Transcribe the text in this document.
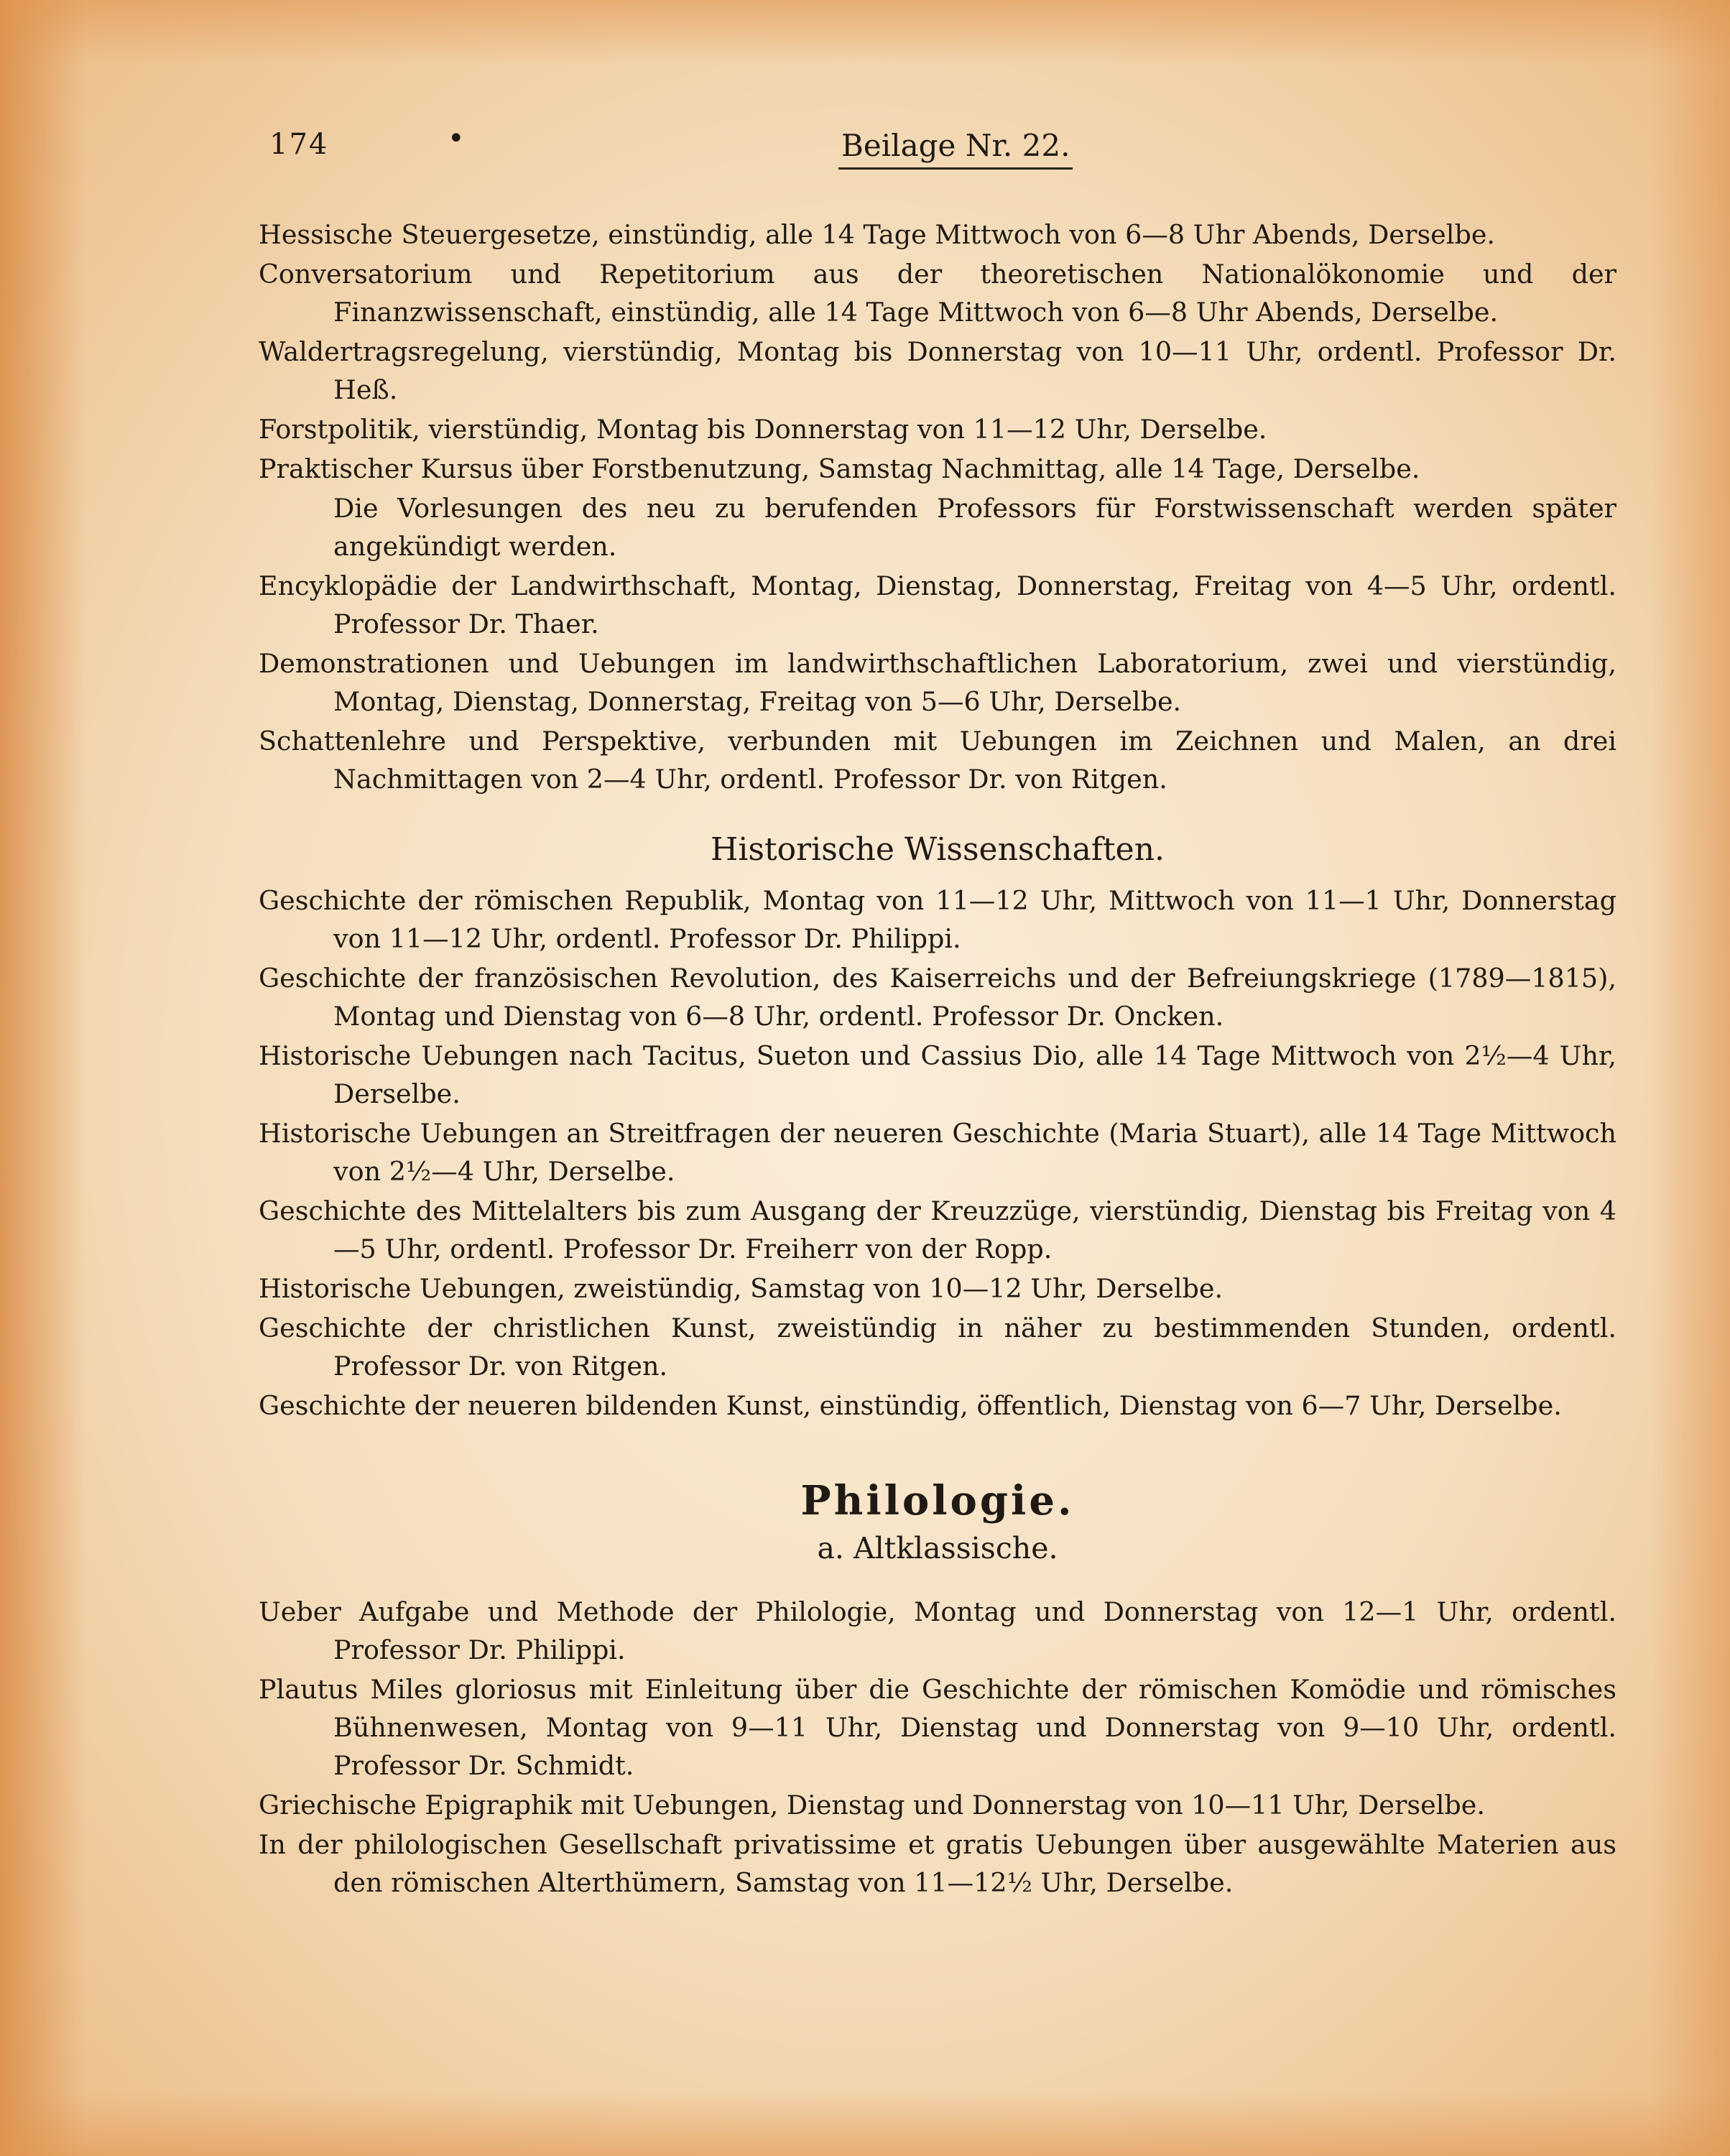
174	•	Beilage Nr. 22.

Hessische Steuergesetze, einstündig, alle 14 Tage Mittwoch von 6—8 Uhr Abends, Derselbe.

Conversatorium und Repetitorium aus der theoretischen Nationalökonomie und der Finanzwissenschaft, einstündig, alle 14 Tage Mittwoch von 6—8 Uhr Abends, Derselbe.

Waldertragsregelung, vierstündig, Montag bis Donnerstag von 10—11 Uhr, ordentl. Professor Dr. Heß.

Forstpolitik, vierstündig, Montag bis Donnerstag von 11—12 Uhr, Derselbe.

Praktischer Kursus über Forstbenutzung, Samstag Nachmittag, alle 14 Tage, Derselbe.

Die Vorlesungen des neu zu berufenden Professors für Forstwissenschaft werden später angekündigt werden.

Encyklopädie der Landwirthschaft, Montag, Dienstag, Donnerstag, Freitag von 4—5 Uhr, ordentl. Professor Dr. Thaer.

Demonstrationen und Uebungen im landwirthschaftlichen Laboratorium, zwei und vierstündig, Montag, Dienstag, Donnerstag, Freitag von 5—6 Uhr, Derselbe.

Schattenlehre und Perspektive, verbunden mit Uebungen im Zeichnen und Malen, an drei Nachmittagen von 2—4 Uhr, ordentl. Professor Dr. von Ritgen.

Historische Wissenschaften.

Geschichte der römischen Republik, Montag von 11—12 Uhr, Mittwoch von 11—1 Uhr, Donnerstag von 11—12 Uhr, ordentl. Professor Dr. Philippi.

Geschichte der französischen Revolution, des Kaiserreichs und der Befreiungskriege (1789—1815), Montag und Dienstag von 6—8 Uhr, ordentl. Professor Dr. Oncken.

Historische Uebungen nach Tacitus, Sueton und Cassius Dio, alle 14 Tage Mittwoch von 2½—4 Uhr, Derselbe.

Historische Uebungen an Streitfragen der neueren Geschichte (Maria Stuart), alle 14 Tage Mittwoch von 2½—4 Uhr, Derselbe.

Geschichte des Mittelalters bis zum Ausgang der Kreuzzüge, vierstündig, Dienstag bis Freitag von 4—5 Uhr, ordentl. Professor Dr. Freiherr von der Ropp.

Historische Uebungen, zweistündig, Samstag von 10—12 Uhr, Derselbe.

Geschichte der christlichen Kunst, zweistündig in näher zu bestimmenden Stunden, ordentl. Professor Dr. von Ritgen.

Geschichte der neueren bildenden Kunst, einstündig, öffentlich, Dienstag von 6—7 Uhr, Derselbe.

Philologie.
a. Altklassische.

Ueber Aufgabe und Methode der Philologie, Montag und Donnerstag von 12—1 Uhr, ordentl. Professor Dr. Philippi.

Plautus Miles gloriosus mit Einleitung über die Geschichte der römischen Komödie und römisches Bühnenwesen, Montag von 9—11 Uhr, Dienstag und Donnerstag von 9—10 Uhr, ordentl. Professor Dr. Schmidt.

Griechische Epigraphik mit Uebungen, Dienstag und Donnerstag von 10—11 Uhr, Derselbe.

In der philologischen Gesellschaft privatissime et gratis Uebungen über ausgewählte Materien aus den römischen Alterthümern, Samstag von 11—12½ Uhr, Derselbe.
